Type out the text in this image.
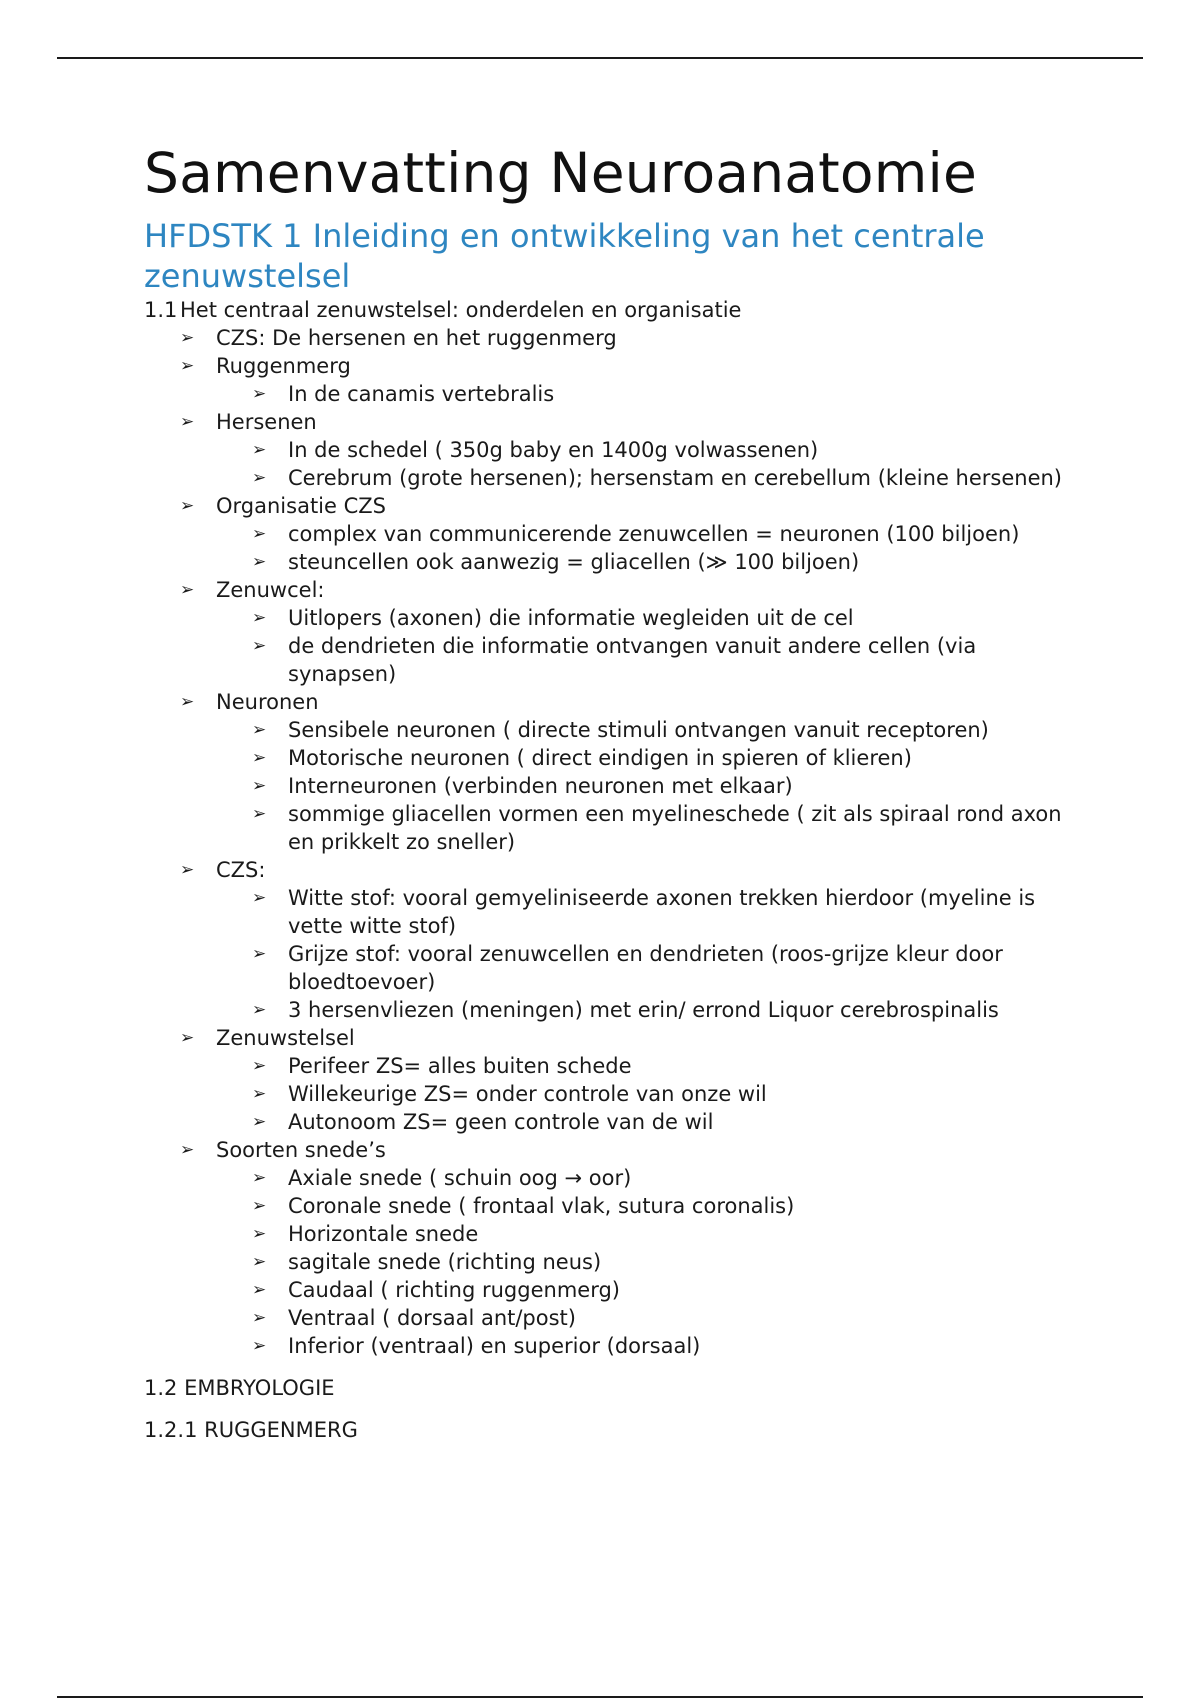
Samenvatting Neuroanatomie
HFDSTK 1 Inleiding en ontwikkeling van het centrale zenuwstelsel

1.1 Het centraal zenuwstelsel: onderdelen en organisatie

➢ CZS: De hersenen en het ruggenmerg
➢ Ruggenmerg
➢ In de canamis vertebralis
➢ Hersenen
➢ In de schedel ( 350g baby en 1400g volwassenen)
➢ Cerebrum (grote hersenen); hersenstam en cerebellum (kleine hersenen)
➢ Organisatie CZS
➢ complex van communicerende zenuwcellen = neuronen (100 biljoen)
➢ steuncellen ook aanwezig = gliacellen (≫ 100 biljoen)
➢ Zenuwcel:
➢ Uitlopers (axonen) die informatie wegleiden uit de cel
➢ de dendrieten die informatie ontvangen vanuit andere cellen (via synapsen)
➢ Neuronen
➢ Sensibele neuronen ( directe stimuli ontvangen vanuit receptoren)
➢ Motorische neuronen ( direct eindigen in spieren of klieren)
➢ Interneuronen (verbinden neuronen met elkaar)
➢ sommige gliacellen vormen een myelineschede ( zit als spiraal rond axon en prikkelt zo sneller)
➢ CZS:
➢ Witte stof: vooral gemyeliniseerde axonen trekken hierdoor (myeline is vette witte stof)
➢ Grijze stof: vooral zenuwcellen en dendrieten (roos-grijze kleur door bloedtoevoer)
➢ 3 hersenvliezen (meningen) met erin/ errond Liquor cerebrospinalis
➢ Zenuwstelsel
➢ Perifeer ZS= alles buiten schede
➢ Willekeurige ZS= onder controle van onze wil
➢ Autonoom ZS= geen controle van de wil
➢ Soorten snede’s
➢ Axiale snede ( schuin oog → oor)
➢ Coronale snede ( frontaal vlak, sutura coronalis)
➢ Horizontale snede
➢ sagitale snede (richting neus)
➢ Caudaal ( richting ruggenmerg)
➢ Ventraal ( dorsaal ant/post)
➢ Inferior (ventraal) en superior (dorsaal)

1.2 EMBRYOLOGIE

1.2.1 RUGGENMERG
